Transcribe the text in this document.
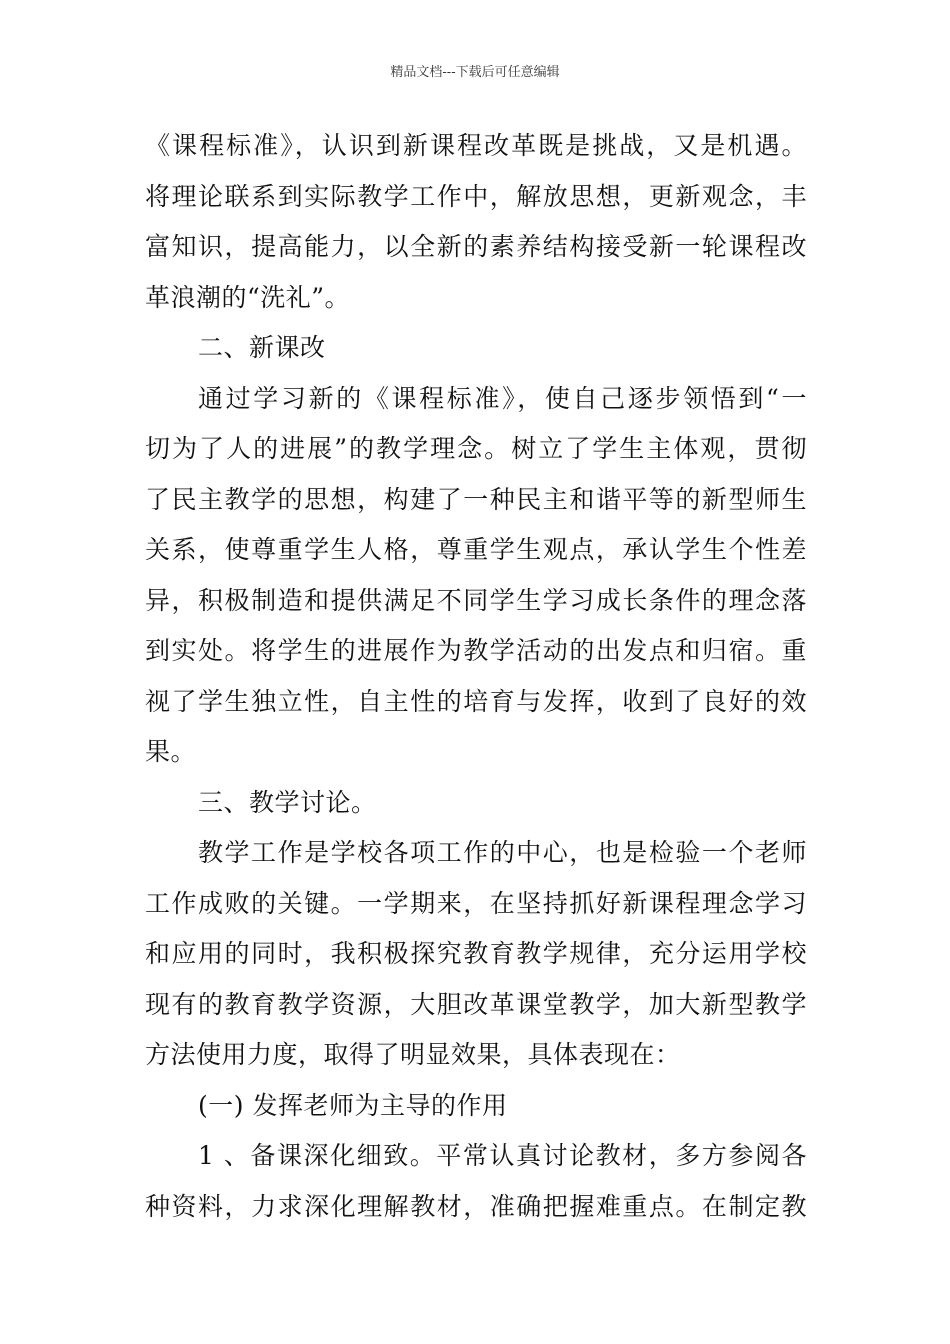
精品文档---下载后可任意编辑
《课程标准》，认识到新课程改革既是挑战，又是机遇。
将理论联系到实际教学工作中，解放思想，更新观念，丰
富知识，提高能力，以全新的素养结构接受新一轮课程改
革浪潮的“洗礼”。
二、新课改
通过学习新的《课程标准》，使自己逐步领悟到“一
切为了人的进展”的教学理念。树立了学生主体观，贯彻
了民主教学的思想，构建了一种民主和谐平等的新型师生
关系，使尊重学生人格，尊重学生观点，承认学生个性差
异，积极制造和提供满足不同学生学习成长条件的理念落
到实处。将学生的进展作为教学活动的出发点和归宿。重
视了学生独立性，自主性的培育与发挥，收到了良好的效
果。
三、教学讨论。
教学工作是学校各项工作的中心，也是检验一个老师
工作成败的关键。一学期来，在坚持抓好新课程理念学习
和应用的同时，我积极探究教育教学规律，充分运用学校
现有的教育教学资源，大胆改革课堂教学，加大新型教学
方法使用力度，取得了明显效果，具体表现在：
(一) 发挥老师为主导的作用
1 、备课深化细致。平常认真讨论教材，多方参阅各
种资料，力求深化理解教材，准确把握难重点。在制定教
